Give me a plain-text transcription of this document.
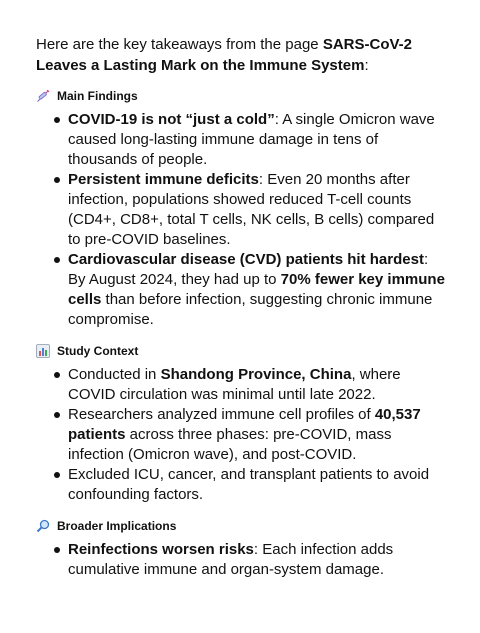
Here are the key takeaways from the page SARS-CoV-2 Leaves a Lasting Mark on the Immune System:

Main Findings
COVID-19 is not “just a cold”: A single Omicron wave caused long-lasting immune damage in tens of thousands of people.
Persistent immune deficits: Even 20 months after infection, populations showed reduced T-cell counts (CD4+, CD8+, total T cells, NK cells, B cells) compared to pre-COVID baselines.
Cardiovascular disease (CVD) patients hit hardest: By August 2024, they had up to 70% fewer key immune cells than before infection, suggesting chronic immune compromise.
Study Context
Conducted in Shandong Province, China, where COVID circulation was minimal until late 2022.
Researchers analyzed immune cell profiles of 40,537 patients across three phases: pre-COVID, mass infection (Omicron wave), and post-COVID.
Excluded ICU, cancer, and transplant patients to avoid confounding factors.
Broader Implications
Reinfections worsen risks: Each infection adds cumulative immune and organ-system damage.
